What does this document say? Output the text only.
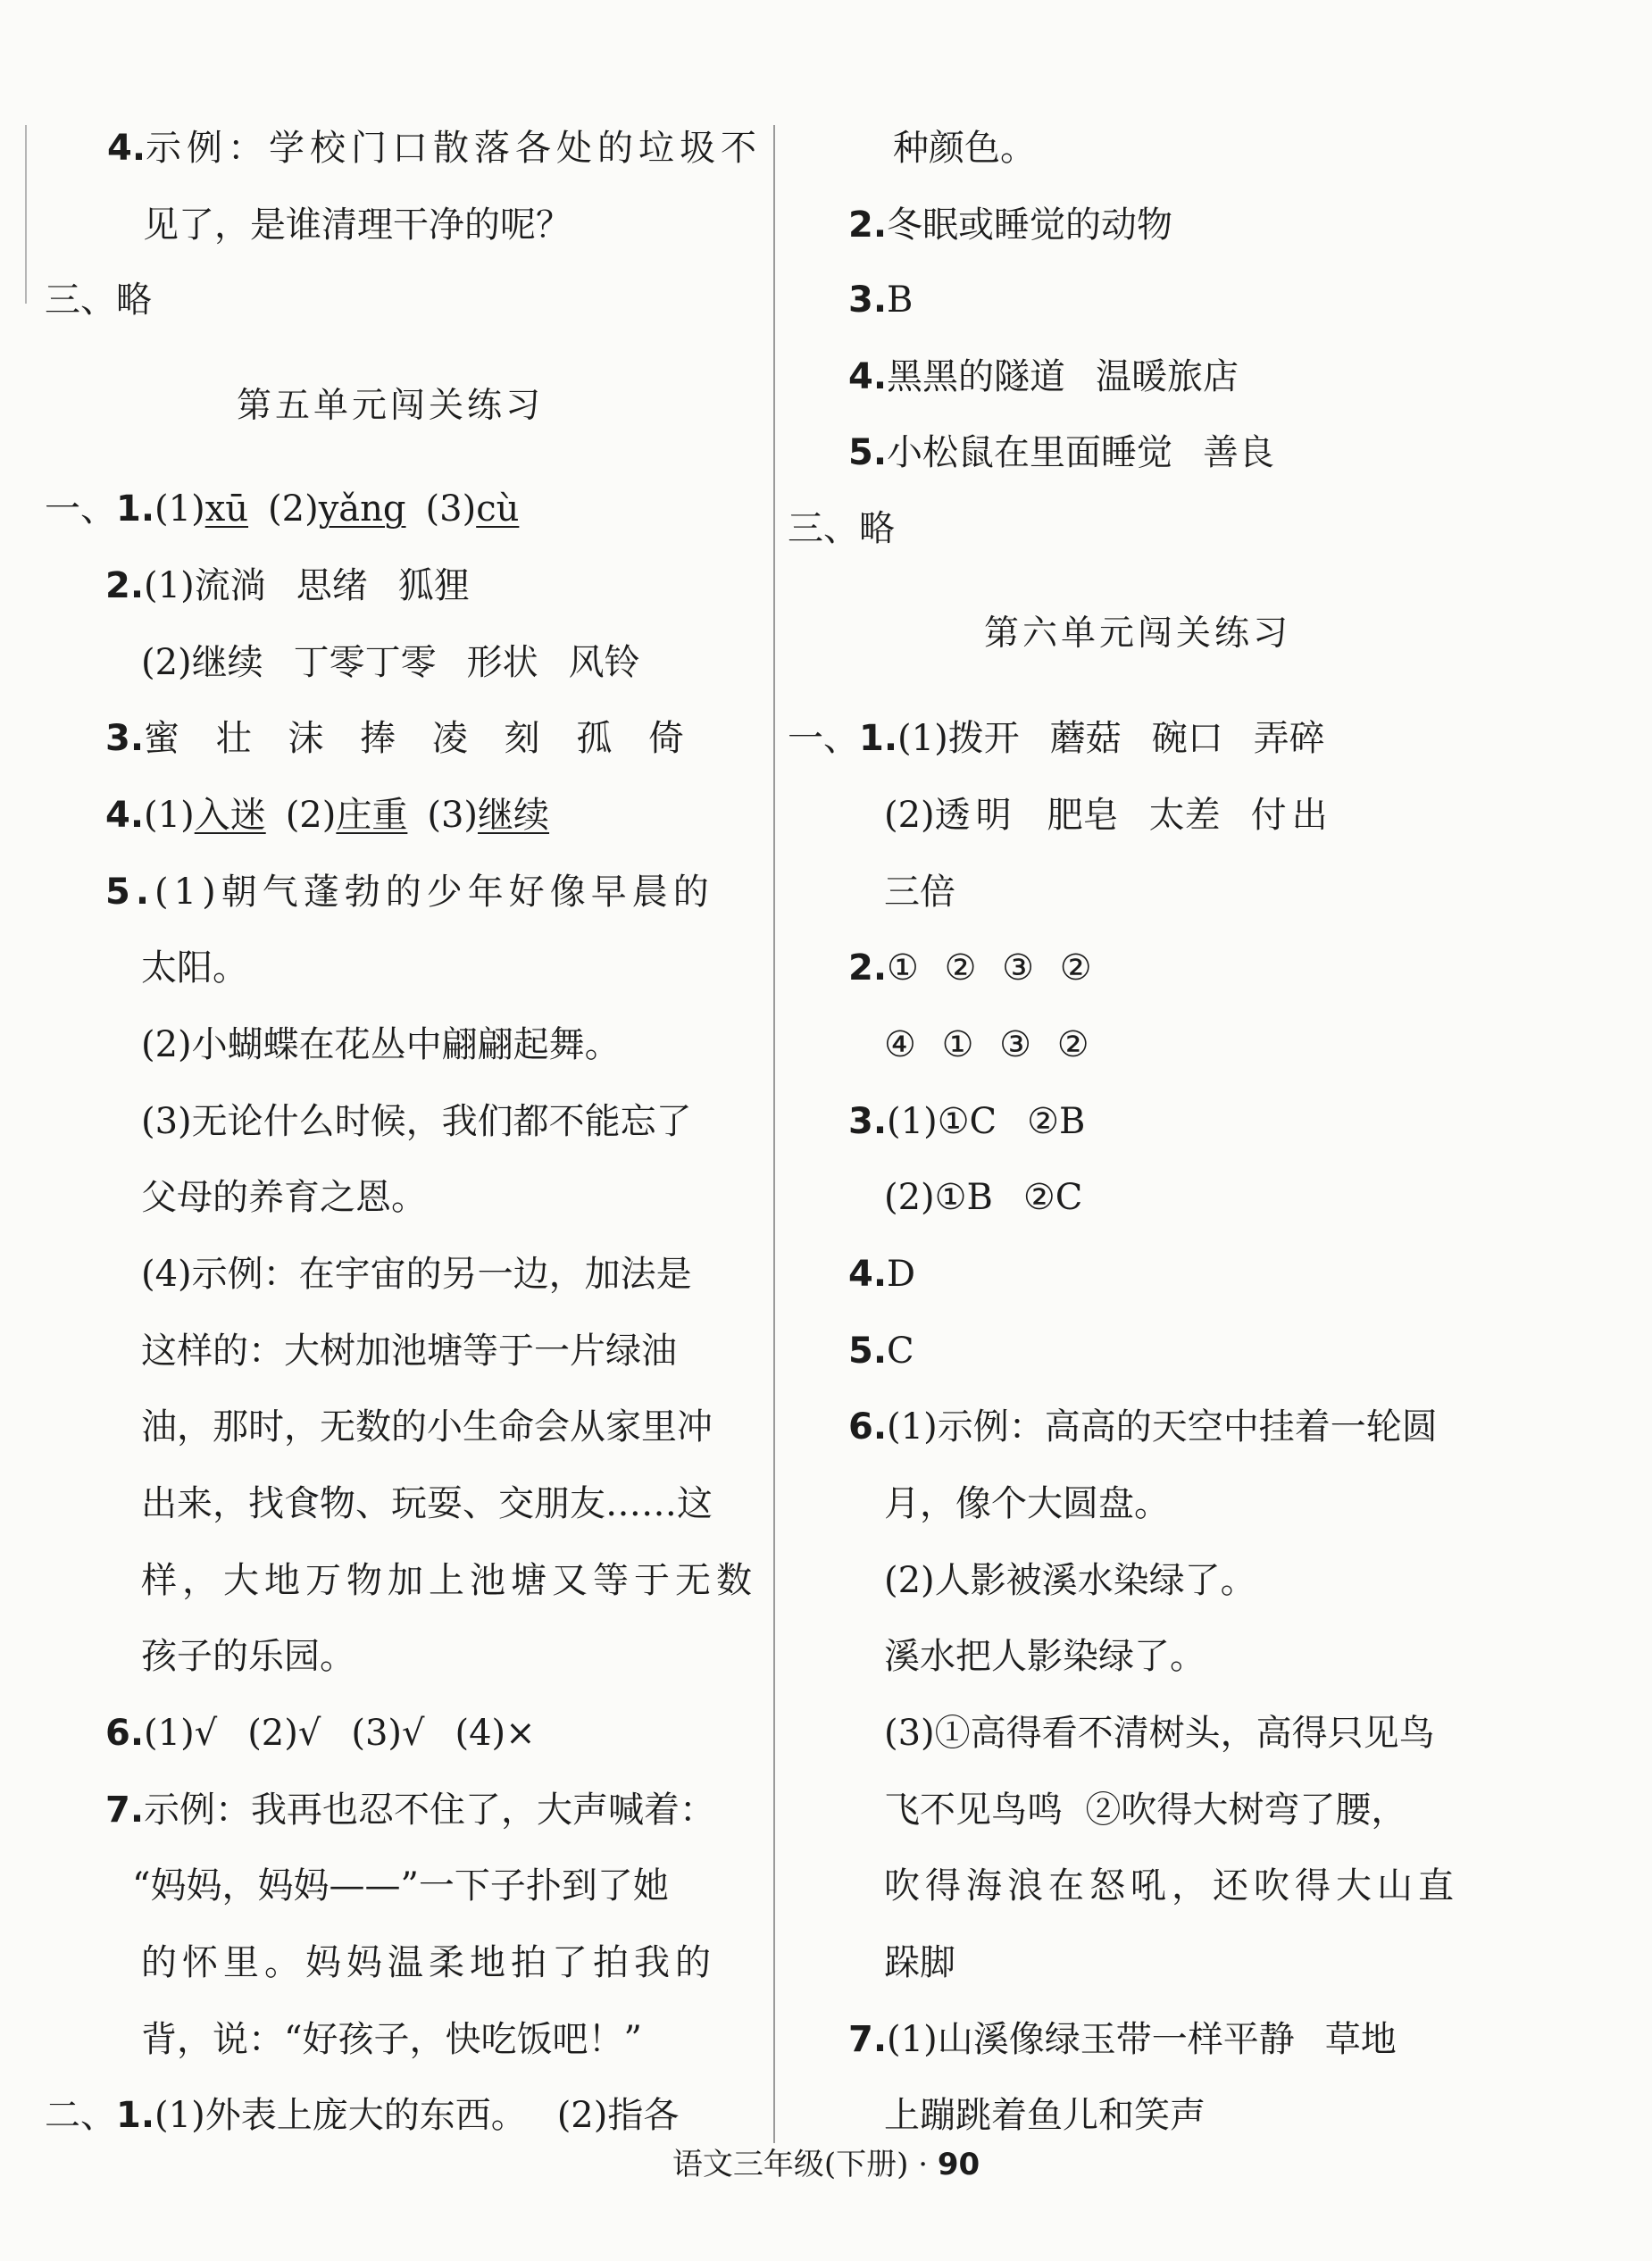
4.示例：学校门口散落各处的垃圾不
见了，是谁清理干净的呢？
三、略
第五单元闯关练习
一、1.(1)xū (2)yǎng (3)cù
2.(1)流淌 思绪 狐狸
(2)继续 丁零丁零 形状 风铃
3.蜜 壮 沫 捧 凌 刻 孤 倚
4.(1)入迷 (2)庄重 (3)继续
5.(1)朝气蓬勃的少年好像早晨的
太阳。
(2)小蝴蝶在花丛中翩翩起舞。
(3)无论什么时候，我们都不能忘了
父母的养育之恩。
(4)示例：在宇宙的另一边，加法是
这样的：大树加池塘等于一片绿油
油，那时，无数的小生命会从家里冲
出来，找食物、玩耍、交朋友……这
样，大地万物加上池塘又等于无数
孩子的乐园。
6.(1)√ (2)√ (3)√ (4)×
7.示例：我再也忍不住了，大声喊着：
“妈妈，妈妈——”一下子扑到了她
的怀里。妈妈温柔地拍了拍我的
背，说：“好孩子，快吃饭吧！”
二、1.(1)外表上庞大的东西。 (2)指各
种颜色。
2.冬眠或睡觉的动物
3.B
4.黑黑的隧道 温暖旅店
5.小松鼠在里面睡觉 善良
三、略
第六单元闯关练习
一、1.(1)拨开 蘑菇 碗口 弄碎
(2)透明 肥皂 太差 付出
三倍
2.① ② ③ ②
④ ① ③ ②
3.(1)①C ②B
(2)①B ②C
4.D
5.C
6.(1)示例：高高的天空中挂着一轮圆
月，像个大圆盘。
(2)人影被溪水染绿了。
溪水把人影染绿了。
(3)①高得看不清树头，高得只见鸟
飞不见鸟鸣  ②吹得大树弯了腰，
吹得海浪在怒吼，还吹得大山直
跺脚
7.(1)山溪像绿玉带一样平静 草地
上蹦跳着鱼儿和笑声
语文三年级(下册) · 90
